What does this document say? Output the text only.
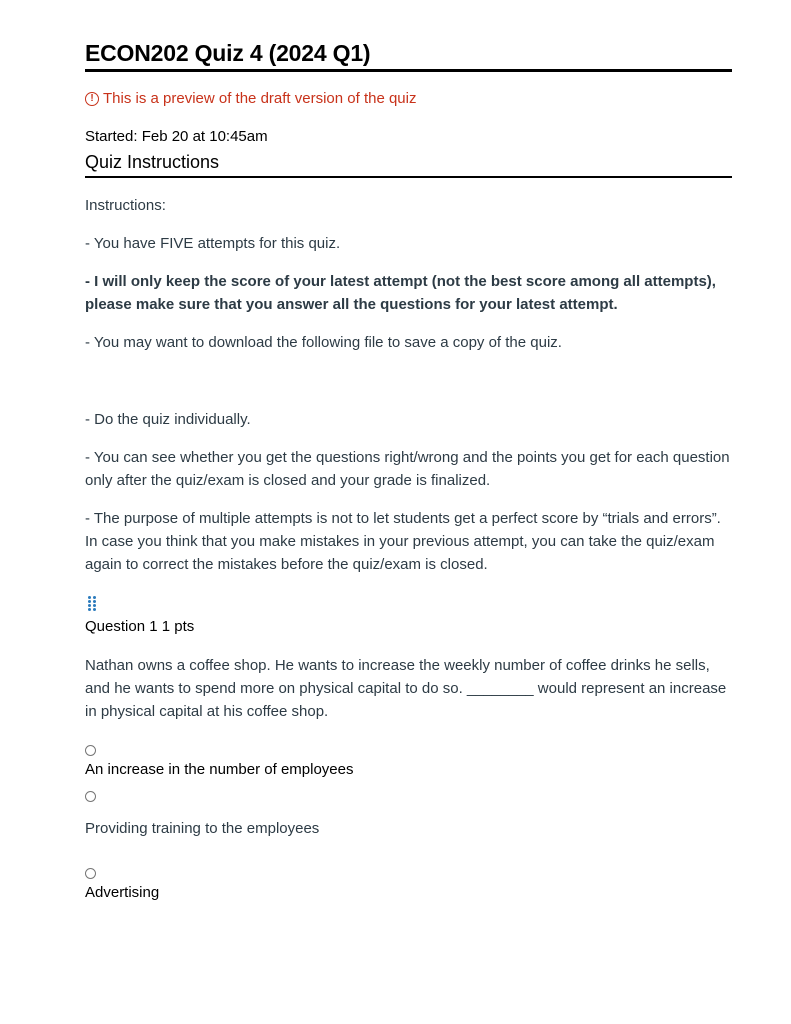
ECON202 Quiz 4 (2024 Q1)
! This is a preview of the draft version of the quiz
Started: Feb 20 at 10:45am
Quiz Instructions

Instructions:

- You have FIVE attempts for this quiz.

- I will only keep the score of your latest attempt (not the best score among all attempts), please make sure that you answer all the questions for your latest attempt.

- You may want to download the following file to save a copy of the quiz.

- Do the quiz individually.

- You can see whether you get the questions right/wrong and the points you get for each question only after the quiz/exam is closed and your grade is finalized.

- The purpose of multiple attempts is not to let students get a perfect score by “trials and errors”. In case you think that you make mistakes in your previous attempt, you can take the quiz/exam again to correct the mistakes before the quiz/exam is closed.

Question 1 1 pts
Nathan owns a coffee shop. He wants to increase the weekly number of coffee drinks he sells, and he wants to spend more on physical capital to do so. ________ would represent an increase in physical capital at his coffee shop.
An increase in the number of employees
Providing training to the employees
Advertising
